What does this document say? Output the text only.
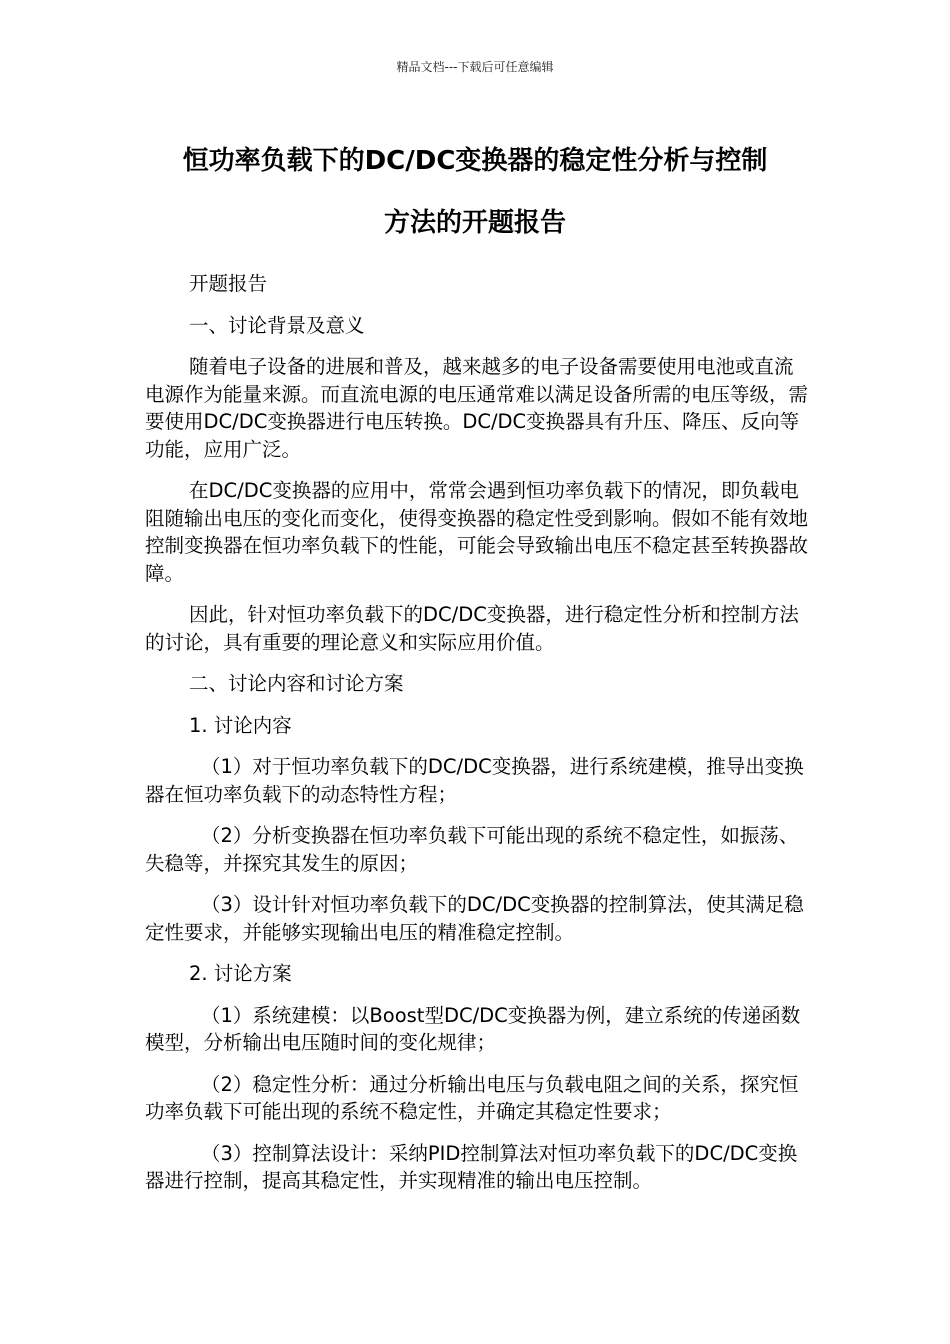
精品文档---下载后可任意编辑
恒功率负载下的DC/DC变换器的稳定性分析与控制
方法的开题报告

开题报告

一、讨论背景及意义

随着电子设备的进展和普及，越来越多的电子设备需要使用电池或直流电源作为能量来源。而直流电源的电压通常难以满足设备所需的电压等级，需要使用DC/DC变换器进行电压转换。DC/DC变换器具有升压、降压、反向等功能，应用广泛。

在DC/DC变换器的应用中，常常会遇到恒功率负载下的情况，即负载电阻随输出电压的变化而变化，使得变换器的稳定性受到影响。假如不能有效地控制变换器在恒功率负载下的性能，可能会导致输出电压不稳定甚至转换器故障。

因此，针对恒功率负载下的DC/DC变换器，进行稳定性分析和控制方法的讨论，具有重要的理论意义和实际应用价值。

二、讨论内容和讨论方案

1. 讨论内容

（1）对于恒功率负载下的DC/DC变换器，进行系统建模，推导出变换器在恒功率负载下的动态特性方程；

（2）分析变换器在恒功率负载下可能出现的系统不稳定性，如振荡、失稳等，并探究其发生的原因；

（3）设计针对恒功率负载下的DC/DC变换器的控制算法，使其满足稳定性要求，并能够实现输出电压的精准稳定控制。

2. 讨论方案

（1）系统建模：以Boost型DC/DC变换器为例，建立系统的传递函数模型，分析输出电压随时间的变化规律；

（2）稳定性分析：通过分析输出电压与负载电阻之间的关系，探究恒功率负载下可能出现的系统不稳定性，并确定其稳定性要求；

（3）控制算法设计：采纳PID控制算法对恒功率负载下的DC/DC变换器进行控制，提高其稳定性，并实现精准的输出电压控制。
